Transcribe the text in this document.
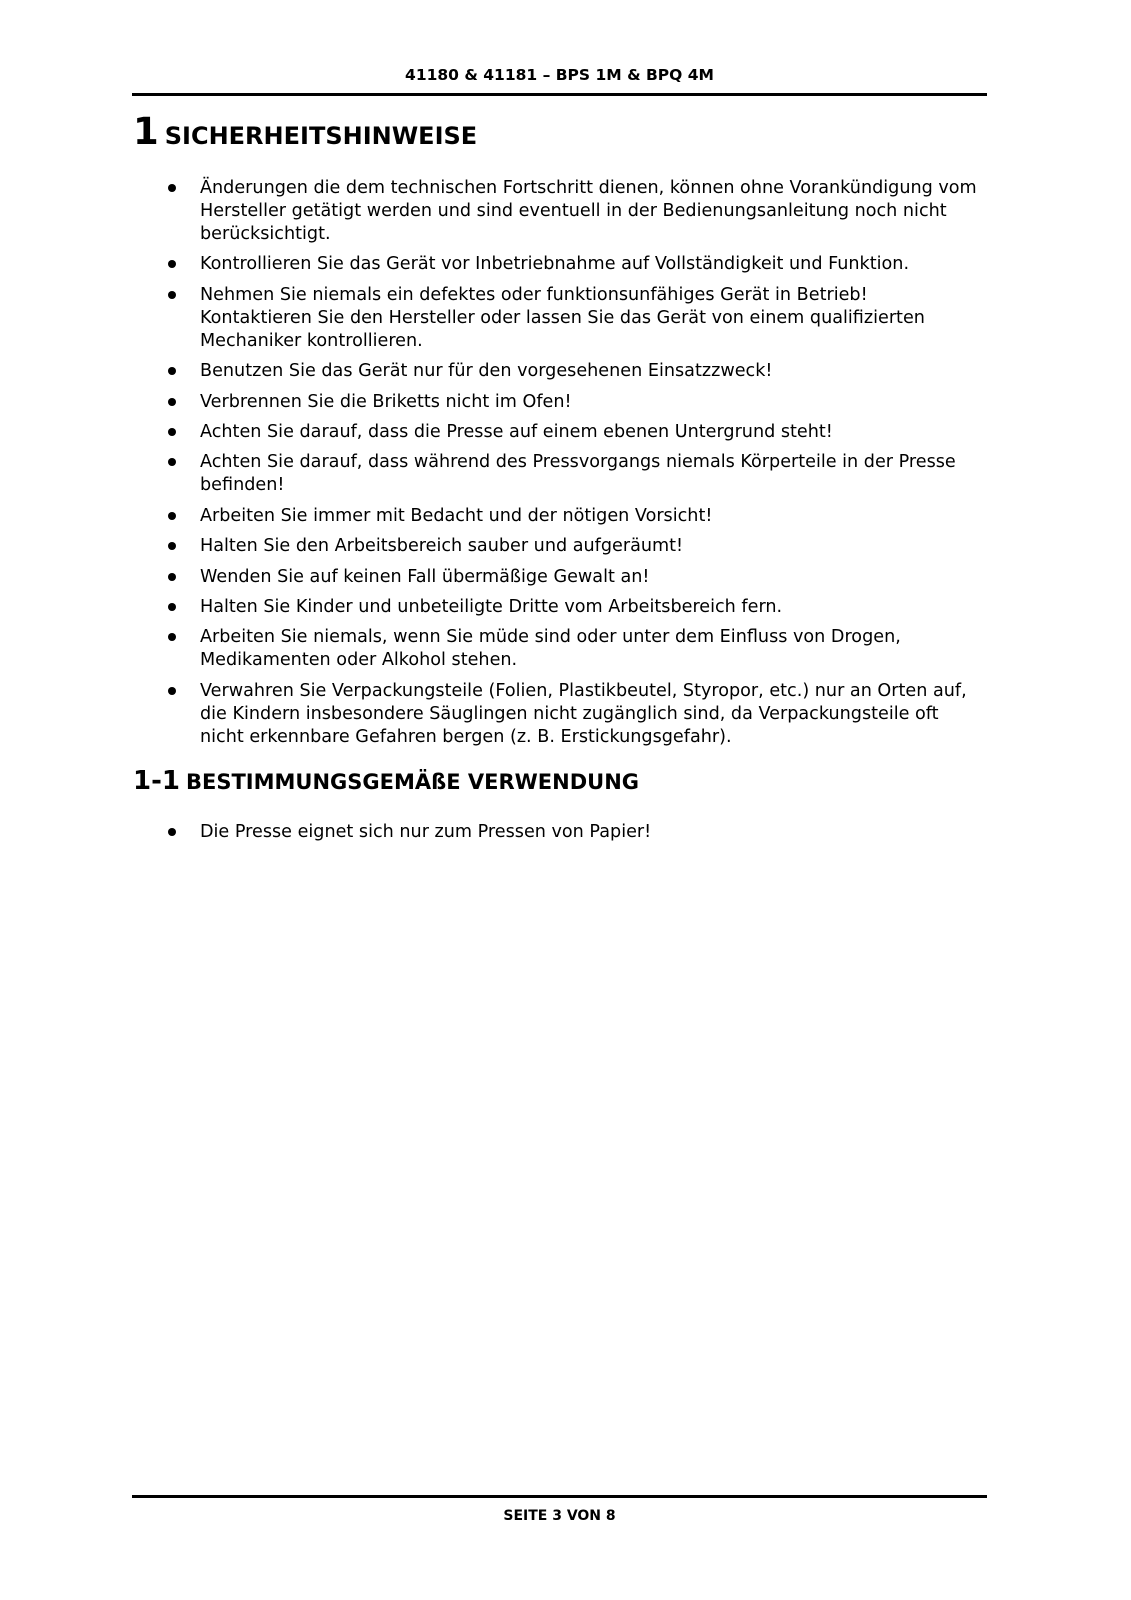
41180 & 41181 – BPS 1M & BPQ 4M
1 SICHERHEITSHINWEISE
Änderungen die dem technischen Fortschritt dienen, können ohne Vorankündigung vom Hersteller getätigt werden und sind eventuell in der Bedienungsanleitung noch nicht berücksichtigt.
Kontrollieren Sie das Gerät vor Inbetriebnahme auf Vollständigkeit und Funktion.
Nehmen Sie niemals ein defektes oder funktionsunfähiges Gerät in Betrieb! Kontaktieren Sie den Hersteller oder lassen Sie das Gerät von einem qualifizierten Mechaniker kontrollieren.
Benutzen Sie das Gerät nur für den vorgesehenen Einsatzzweck!
Verbrennen Sie die Briketts nicht im Ofen!
Achten Sie darauf, dass die Presse auf einem ebenen Untergrund steht!
Achten Sie darauf, dass während des Pressvorgangs niemals Körperteile in der Presse befinden!
Arbeiten Sie immer mit Bedacht und der nötigen Vorsicht!
Halten Sie den Arbeitsbereich sauber und aufgeräumt!
Wenden Sie auf keinen Fall übermäßige Gewalt an!
Halten Sie Kinder und unbeteiligte Dritte vom Arbeitsbereich fern.
Arbeiten Sie niemals, wenn Sie müde sind oder unter dem Einfluss von Drogen, Medikamenten oder Alkohol stehen.
Verwahren Sie Verpackungsteile (Folien, Plastikbeutel, Styropor, etc.) nur an Orten auf, die Kindern insbesondere Säuglingen nicht zugänglich sind, da Verpackungsteile oft nicht erkennbare Gefahren bergen (z. B. Erstickungsgefahr).
1-1 BESTIMMUNGSGEMÄßE VERWENDUNG
Die Presse eignet sich nur zum Pressen von Papier!
SEITE 3 VON 8
